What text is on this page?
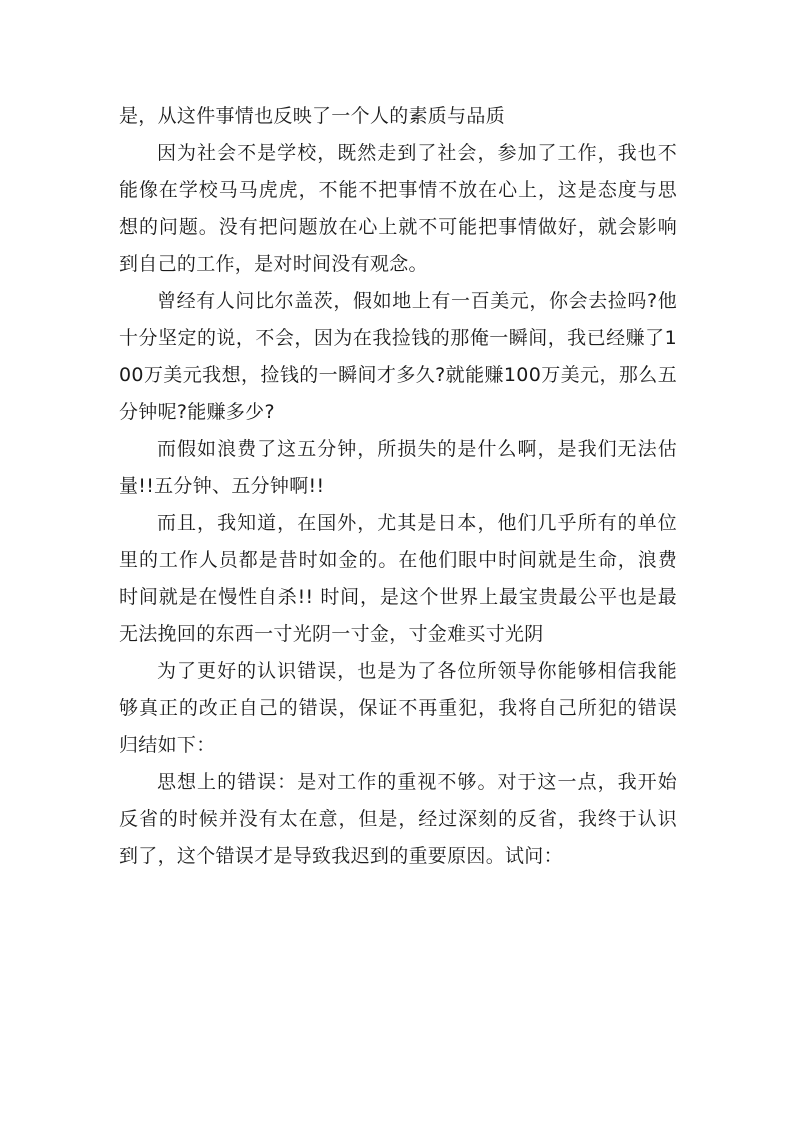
是，从这件事情也反映了一个人的素质与品质

因为社会不是学校，既然走到了社会，参加了工作，我也不能像在学校马马虎虎，不能不把事情不放在心上，这是态度与思想的问题。没有把问题放在心上就不可能把事情做好，就会影响到自己的工作，是对时间没有观念。

曾经有人问比尔盖茨，假如地上有一百美元，你会去捡吗?他十分坚定的说，不会，因为在我捡钱的那俺一瞬间，我已经赚了100万美元我想，捡钱的一瞬间才多久?就能赚100万美元，那么五分钟呢?能赚多少?

而假如浪费了这五分钟，所损失的是什么啊，是我们无法估量!!五分钟、五分钟啊!!

而且，我知道，在国外，尤其是日本，他们几乎所有的单位里的工作人员都是昔时如金的。在他们眼中时间就是生命，浪费时间就是在慢性自杀!! 时间，是这个世界上最宝贵最公平也是最无法挽回的东西一寸光阴一寸金，寸金难买寸光阴

为了更好的认识错误，也是为了各位所领导你能够相信我能够真正的改正自己的错误，保证不再重犯，我将自己所犯的错误归结如下：

思想上的错误：是对工作的重视不够。对于这一点，我开始反省的时候并没有太在意，但是，经过深刻的反省，我终于认识到了，这个错误才是导致我迟到的重要原因。试问：
